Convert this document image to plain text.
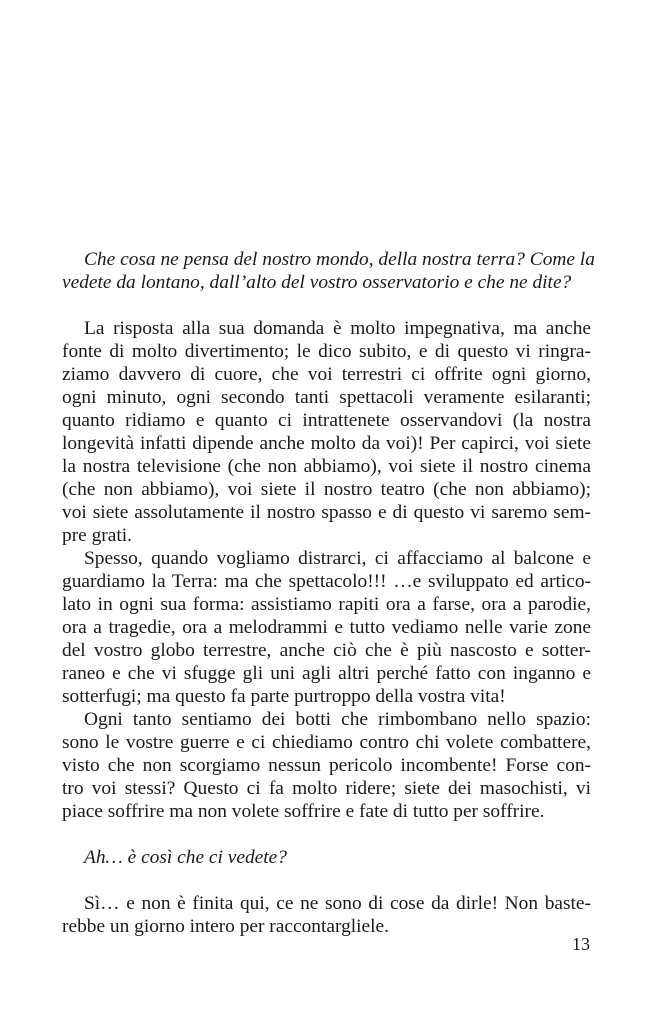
Che cosa ne pensa del nostro mondo, della nostra terra? Come la
vedete da lontano, dall’alto del vostro osservatorio e che ne dite?
La risposta alla sua domanda è molto impegnativa, ma anche
fonte di molto divertimento; le dico subito, e di questo vi ringra-
ziamo davvero di cuore, che voi terrestri ci offrite ogni giorno,
ogni minuto, ogni secondo tanti spettacoli veramente esilaranti;
quanto ridiamo e quanto ci intrattenete osservandovi (la nostra
longevità infatti dipende anche molto da voi)! Per capirci, voi siete
la nostra televisione (che non abbiamo), voi siete il nostro cinema
(che non abbiamo), voi siete il nostro teatro (che non abbiamo);
voi siete assolutamente il nostro spasso e di questo vi saremo sem-
pre grati.
Spesso, quando vogliamo distrarci, ci affacciamo al balcone e
guardiamo la Terra: ma che spettacolo!!! …e sviluppato ed artico-
lato in ogni sua forma: assistiamo rapiti ora a farse, ora a parodie,
ora a tragedie, ora a melodrammi e tutto vediamo nelle varie zone
del vostro globo terrestre, anche ciò che è più nascosto e sotter-
raneo e che vi sfugge gli uni agli altri perché fatto con inganno e
sotterfugi; ma questo fa parte purtroppo della vostra vita!
Ogni tanto sentiamo dei botti che rimbombano nello spazio:
sono le vostre guerre e ci chiediamo contro chi volete combattere,
visto che non scorgiamo nessun pericolo incombente! Forse con-
tro voi stessi? Questo ci fa molto ridere; siete dei masochisti, vi
piace soffrire ma non volete soffrire e fate di tutto per soffrire.
Ah… è così che ci vedete?
Sì… e non è finita qui, ce ne sono di cose da dirle! Non baste-
rebbe un giorno intero per raccontargliele.
13
